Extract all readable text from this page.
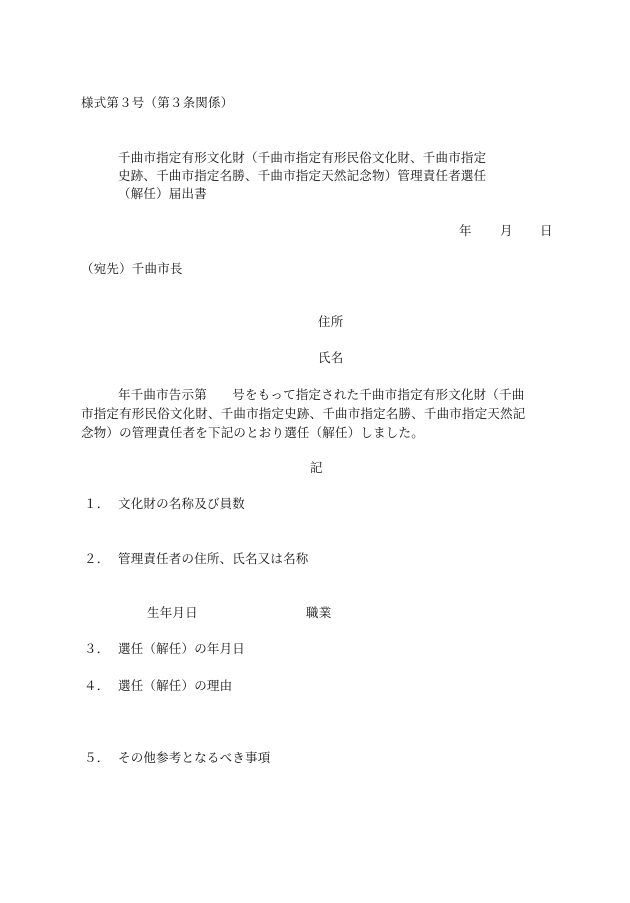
様式第３号（第３条関係）
千曲市指定有形文化財（千曲市指定有形民俗文化財、千曲市指定
史跡、千曲市指定名勝、千曲市指定天然記念物）管理責任者選任
（解任）届出書
年 月 日
（宛先）千曲市長
住所
氏名
年千曲市告示第　　号をもって指定された千曲市指定有形文化財（千曲
市指定有形民俗文化財、千曲市指定史跡、千曲市指定名勝、千曲市指定天然記
念物）の管理責任者を下記のとおり選任（解任）しました。
記
１． 文化財の名称及び員数
２． 管理責任者の住所、氏名又は名称
生年月日	職業
３． 選任（解任）の年月日
４． 選任（解任）の理由
５． その他参考となるべき事項
